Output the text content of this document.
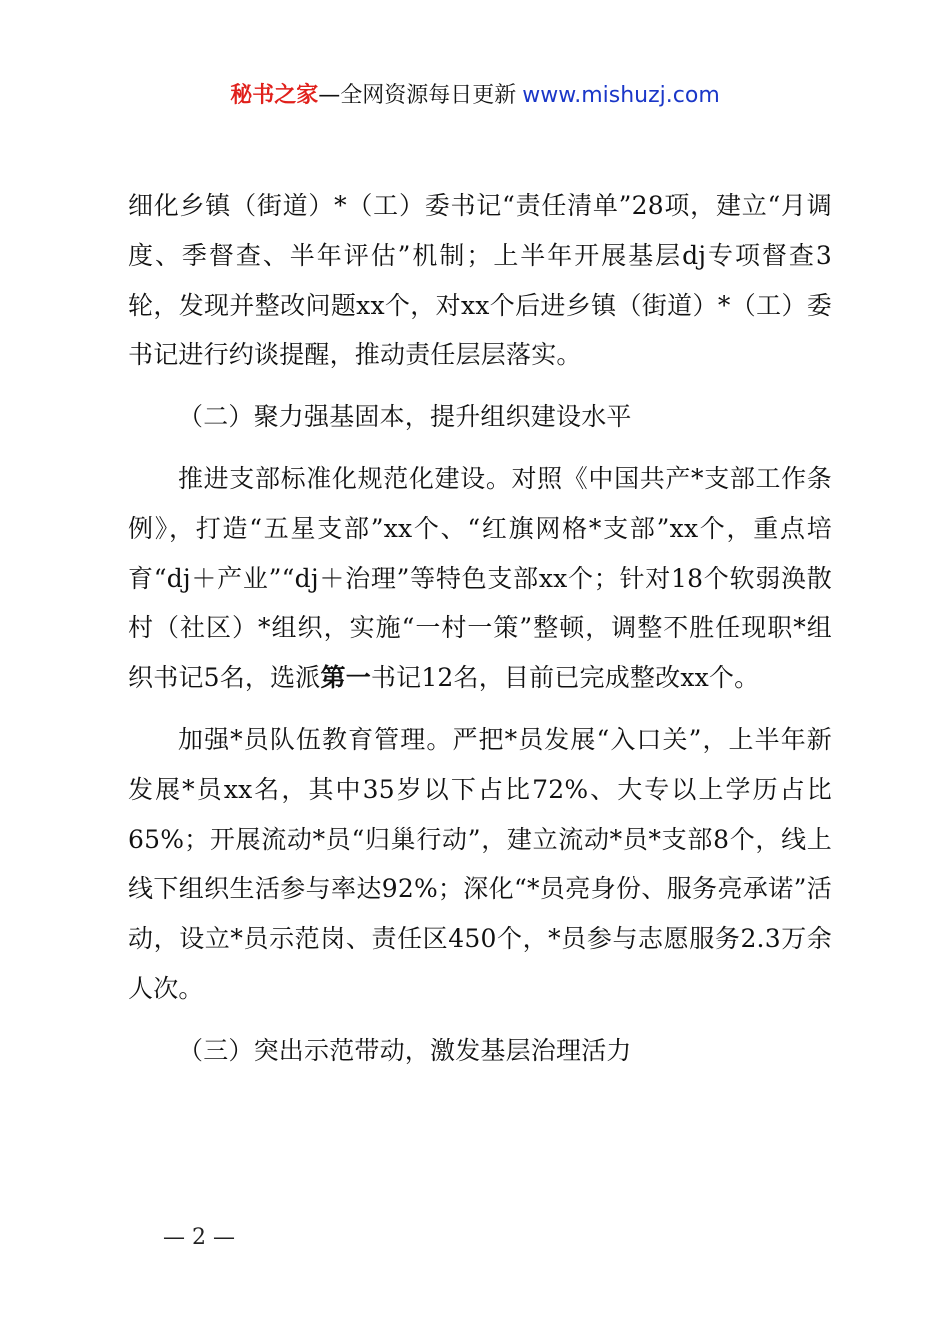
秘书之家—全网资源每日更新 www.mishuzj.com

细化乡镇（街道）*（工）委书记“责任清单”28项，建立“月调度、季督查、半年评估”机制；上半年开展基层dj专项督查3轮，发现并整改问题xx个，对xx个后进乡镇（街道）*（工）委书记进行约谈提醒，推动责任层层落实。

（二）聚力强基固本，提升组织建设水平

推进支部标准化规范化建设。对照《中国共产*支部工作条例》，打造“五星支部”xx个、“红旗网格*支部”xx个，重点培育“dj＋产业”“dj＋治理”等特色支部xx个；针对18个软弱涣散村（社区）*组织，实施“一村一策”整顿，调整不胜任现职*组织书记5名，选派第一书记12名，目前已完成整改xx个。

加强*员队伍教育管理。严把*员发展“入口关”，上半年新发展*员xx名，其中35岁以下占比72%、大专以上学历占比65%；开展流动*员“归巢行动”，建立流动*员*支部8个，线上线下组织生活参与率达92%；深化“*员亮身份、服务亮承诺”活动，设立*员示范岗、责任区450个，*员参与志愿服务2.3万余人次。

（三）突出示范带动，激发基层治理活力

— 2 —
